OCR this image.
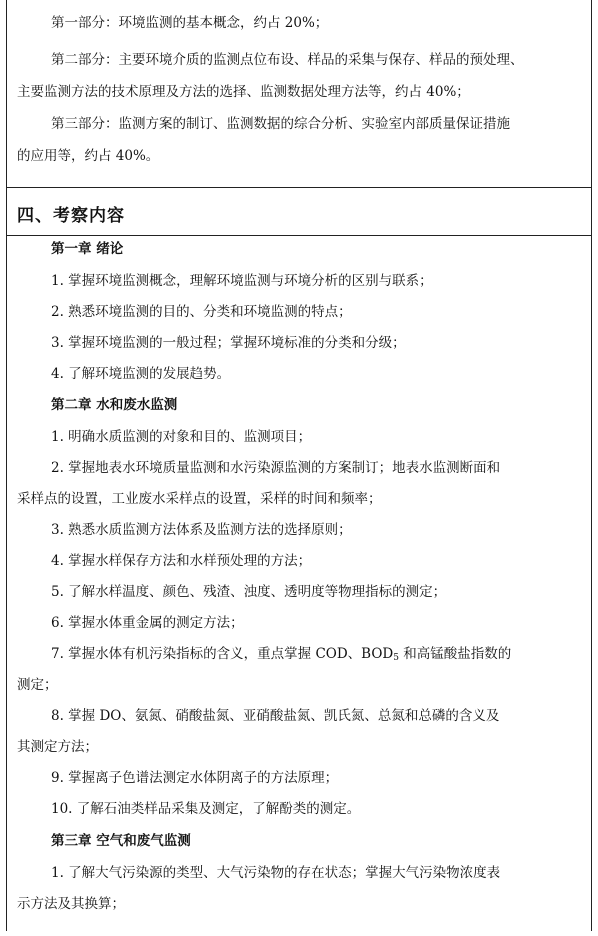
第一部分：环境监测的基本概念，约占 20%；
第二部分：主要环境介质的监测点位布设、样品的采集与保存、样品的预处理、
主要监测方法的技术原理及方法的选择、监测数据处理方法等，约占 40%；
第三部分：监测方案的制订、监测数据的综合分析、实验室内部质量保证措施
的应用等，约占 40%。
四、考察内容
第一章 绪论
1. 掌握环境监测概念，理解环境监测与环境分析的区别与联系；
2. 熟悉环境监测的目的、分类和环境监测的特点；
3. 掌握环境监测的一般过程；掌握环境标准的分类和分级；
4. 了解环境监测的发展趋势。
第二章 水和废水监测
1. 明确水质监测的对象和目的、监测项目；
2. 掌握地表水环境质量监测和水污染源监测的方案制订；地表水监测断面和
采样点的设置，工业废水采样点的设置，采样的时间和频率；
3. 熟悉水质监测方法体系及监测方法的选择原则；
4. 掌握水样保存方法和水样预处理的方法；
5. 了解水样温度、颜色、残渣、浊度、透明度等物理指标的测定；
6. 掌握水体重金属的测定方法；
7. 掌握水体有机污染指标的含义，重点掌握 COD、$BOD_5$ 和高锰酸盐指数的
测定；
8. 掌握 DO、氨氮、硝酸盐氮、亚硝酸盐氮、凯氏氮、总氮和总磷的含义及
其测定方法；
9. 掌握离子色谱法测定水体阴离子的方法原理；
10. 了解石油类样品采集及测定，了解酚类的测定。
第三章 空气和废气监测
1. 了解大气污染源的类型、大气污染物的存在状态；掌握大气污染物浓度表
示方法及其换算；
